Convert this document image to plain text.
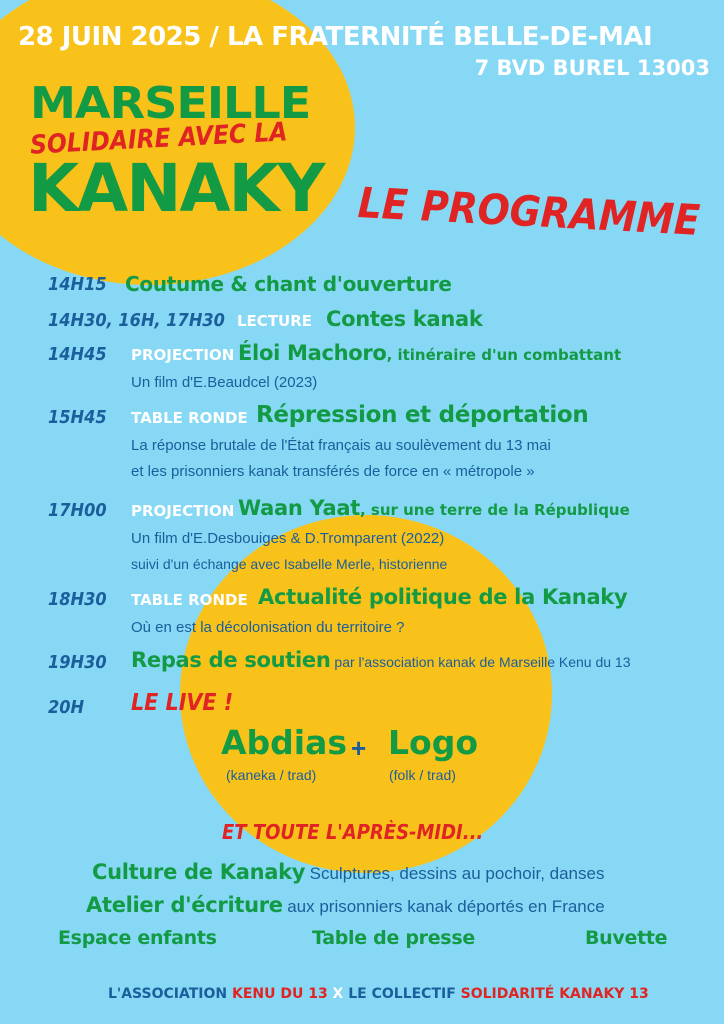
28 JUIN 2025 / LA FRATERNITÉ BELLE-DE-MAI
7 BVD BUREL 13003
MARSEILLE
SOLIDAIRE AVEC LA
KANAKY LE PROGRAMME
14H15 Coutume & chant d'ouverture
14H30, 16H, 17H30 LECTURE Contes kanak
14H45 PROJECTION Éloi Machoro, itinéraire d'un combattant
Un film d'E.Beaudcel (2023)
15H45 TABLE RONDE Répression et déportation
La réponse brutale de l'État français au soulèvement du 13 mai
et les prisonniers kanak transférés de force en « métropole »
17H00 PROJECTION Waan Yaat, sur une terre de la République
Un film d'E.Desbouiges & D.Tromparent (2022)
suivi d'un échange avec Isabelle Merle, historienne
18H30 TABLE RONDE Actualité politique de la Kanaky
Où en est la décolonisation du territoire ?
19H30 Repas de soutien par l'association kanak de Marseille Kenu du 13
20H LE LIVE !
Abdias
(kaneka / trad)
+ Logo
(folk / trad)
ET TOUTE L'APRÈS-MIDI...
Culture de Kanaky Sculptures, dessins au pochoir, danses
Atelier d'écriture aux prisonniers kanak déportés en France
Espace enfants	Table de presse	Buvette
L'ASSOCIATION KENU DU 13 X LE COLLECTIF SOLIDARITÉ KANAKY 13
